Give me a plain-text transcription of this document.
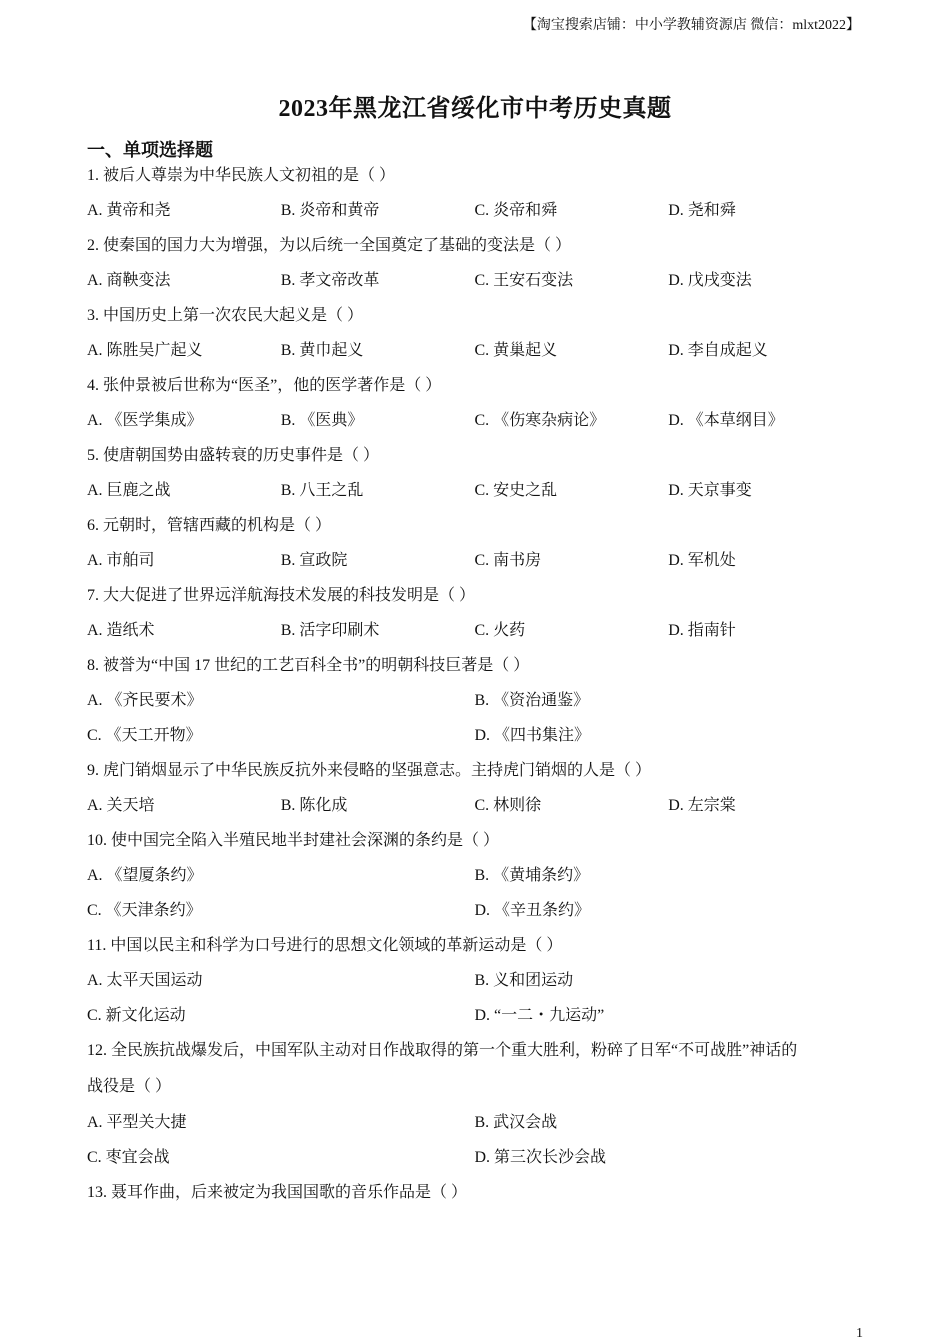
【淘宝搜索店铺：中小学教辅资源店 微信：mlxt2022】
2023年黑龙江省绥化市中考历史真题
一、单项选择题
1. 被后人尊崇为中华民族人文初祖的是（ ）
A. 黄帝和尧	B. 炎帝和黄帝	C. 炎帝和舜	D. 尧和舜
2. 使秦国的国力大为增强，为以后统一全国奠定了基础的变法是（ ）
A. 商鞅变法	B. 孝文帝改革	C. 王安石变法	D. 戊戌变法
3. 中国历史上第一次农民大起义是（ ）
A. 陈胜吴广起义	B. 黄巾起义	C. 黄巢起义	D. 李自成起义
4. 张仲景被后世称为“医圣”，他的医学著作是（ ）
A. 《医学集成》	B. 《医典》	C. 《伤寒杂病论》	D. 《本草纲目》
5. 使唐朝国势由盛转衰的历史事件是（ ）
A. 巨鹿之战	B. 八王之乱	C. 安史之乱	D. 天京事变
6. 元朝时，管辖西藏的机构是（ ）
A. 市舶司	B. 宣政院	C. 南书房	D. 军机处
7. 大大促进了世界远洋航海技术发展的科技发明是（ ）
A. 造纸术	B. 活字印刷术	C. 火药	D. 指南针
8. 被誉为“中国 17 世纪的工艺百科全书”的明朝科技巨著是（ ）
A. 《齐民要术》	B. 《资治通鉴》
C. 《天工开物》	D. 《四书集注》
9. 虎门销烟显示了中华民族反抗外来侵略的坚强意志。主持虎门销烟的人是（ ）
A. 关天培	B. 陈化成	C. 林则徐	D. 左宗棠
10. 使中国完全陷入半殖民地半封建社会深渊的条约是（ ）
A. 《望厦条约》	B. 《黄埔条约》
C. 《天津条约》	D. 《辛丑条约》
11. 中国以民主和科学为口号进行的思想文化领域的革新运动是（ ）
A. 太平天国运动	B. 义和团运动
C. 新文化运动	D. “一二・九运动”
12. 全民族抗战爆发后，中国军队主动对日作战取得的第一个重大胜利，粉碎了日军“不可战胜”神话的
战役是（ ）
A. 平型关大捷	B. 武汉会战
C. 枣宜会战	D. 第三次长沙会战
13. 聂耳作曲，后来被定为我国国歌的音乐作品是（ ）
1
